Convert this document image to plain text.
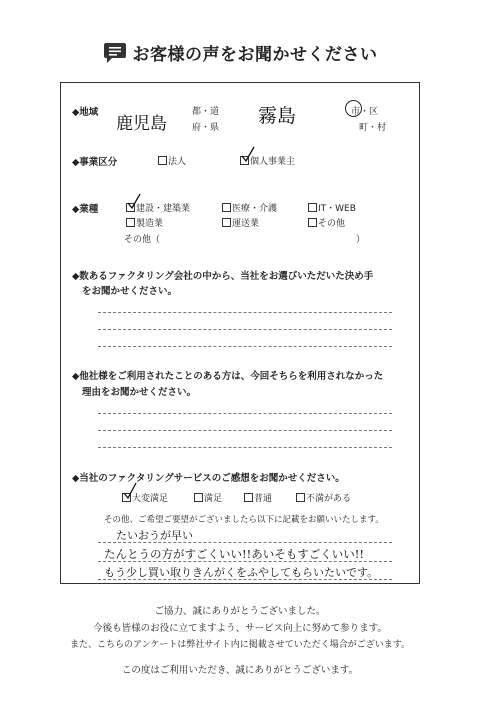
お客様の声をお聞かせください
◆地域
鹿児島
都・道
府・県
霧島	市・区
町・村
◆事業区分	法人	個人事業主
◆業種	建設・建築業	医療・介護	IT・WEB
製造業	運送業	その他
その他（	）
◆数あるファクタリング会社の中から、当社をお選びいただいた決め手
をお聞かせください。
◆他社様をご利用されたことのある方は、今回そちらを利用されなかった
理由をお聞かせください。
◆当社のファクタリングサービスのご感想をお聞かせください。
大変満足	満足	普通	不満がある
その他、ご希望ご要望がございましたら以下に記載をお願いいたします。
たいおうが早い
たんとうの方がすごくいい!!あいそもすごくいい!!
もう少し買い取りきんがくをふやしてもらいたいです。
ご協力、誠にありがとうございました。
今後も皆様のお役に立てますよう、サービス向上に努めて参ります。
また、こちらのアンケートは弊社サイト内に掲載させていただく場合がございます。
この度はご利用いただき、誠にありがとうございます。
